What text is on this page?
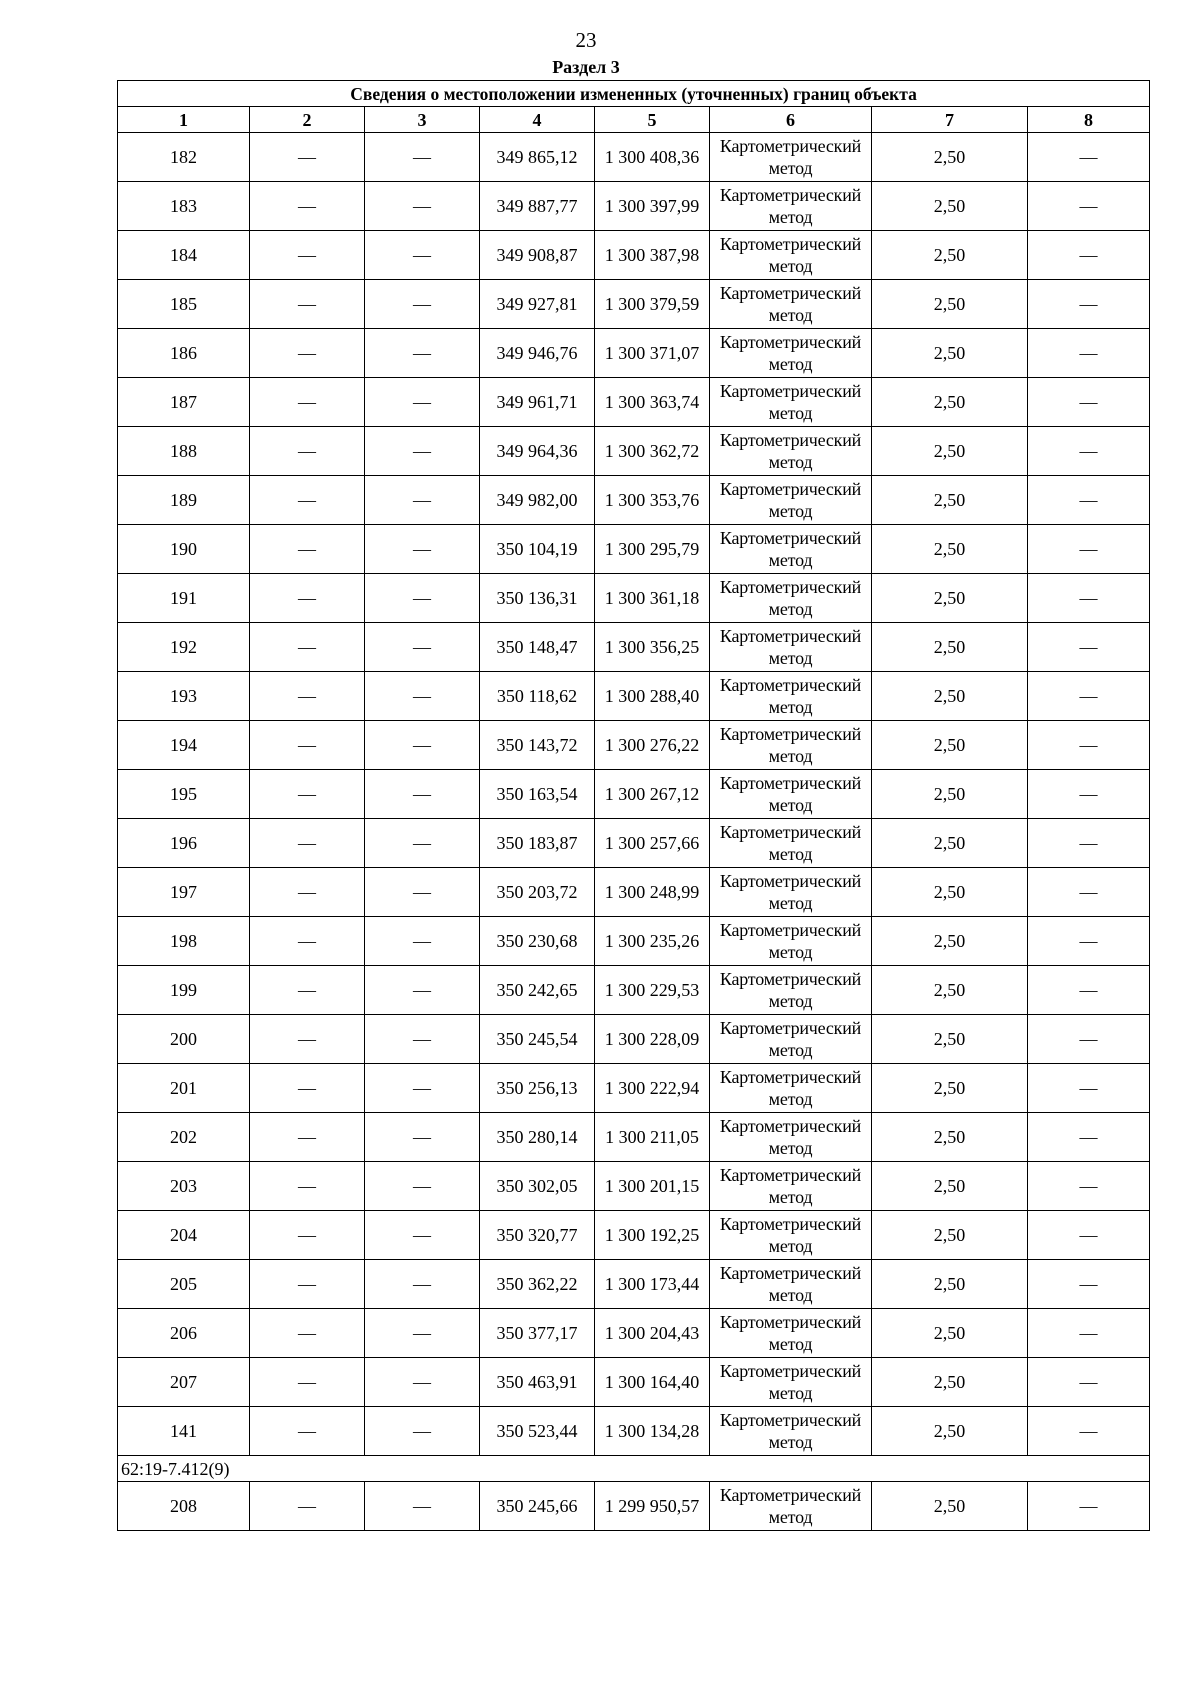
23
Раздел 3
Сведения о местоположении измененных (уточненных) границ объекта							
1	2	3	4	5	6	7	8
182	—	—	349 865,12	1 300 408,36	Картометрический метод	2,50	—
183	—	—	349 887,77	1 300 397,99	Картометрический метод	2,50	—
184	—	—	349 908,87	1 300 387,98	Картометрический метод	2,50	—
185	—	—	349 927,81	1 300 379,59	Картометрический метод	2,50	—
186	—	—	349 946,76	1 300 371,07	Картометрический метод	2,50	—
187	—	—	349 961,71	1 300 363,74	Картометрический метод	2,50	—
188	—	—	349 964,36	1 300 362,72	Картометрический метод	2,50	—
189	—	—	349 982,00	1 300 353,76	Картометрический метод	2,50	—
190	—	—	350 104,19	1 300 295,79	Картометрический метод	2,50	—
191	—	—	350 136,31	1 300 361,18	Картометрический метод	2,50	—
192	—	—	350 148,47	1 300 356,25	Картометрический метод	2,50	—
193	—	—	350 118,62	1 300 288,40	Картометрический метод	2,50	—
194	—	—	350 143,72	1 300 276,22	Картометрический метод	2,50	—
195	—	—	350 163,54	1 300 267,12	Картометрический метод	2,50	—
196	—	—	350 183,87	1 300 257,66	Картометрический метод	2,50	—
197	—	—	350 203,72	1 300 248,99	Картометрический метод	2,50	—
198	—	—	350 230,68	1 300 235,26	Картометрический метод	2,50	—
199	—	—	350 242,65	1 300 229,53	Картометрический метод	2,50	—
200	—	—	350 245,54	1 300 228,09	Картометрический метод	2,50	—
201	—	—	350 256,13	1 300 222,94	Картометрический метод	2,50	—
202	—	—	350 280,14	1 300 211,05	Картометрический метод	2,50	—
203	—	—	350 302,05	1 300 201,15	Картометрический метод	2,50	—
204	—	—	350 320,77	1 300 192,25	Картометрический метод	2,50	—
205	—	—	350 362,22	1 300 173,44	Картометрический метод	2,50	—
206	—	—	350 377,17	1 300 204,43	Картометрический метод	2,50	—
207	—	—	350 463,91	1 300 164,40	Картометрический метод	2,50	—
141	—	—	350 523,44	1 300 134,28	Картометрический метод	2,50	—
62:19-7.412(9)							
208	—	—	350 245,66	1 299 950,57	Картометрический метод	2,50	—
